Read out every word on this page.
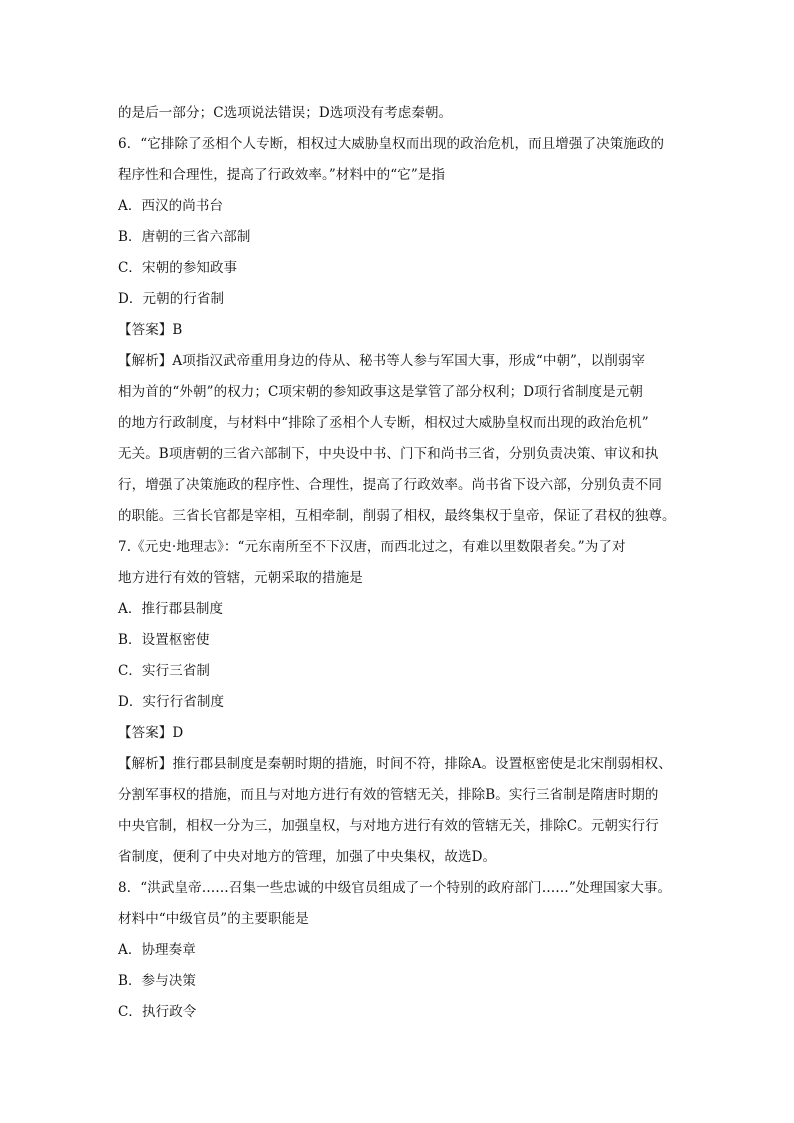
的是后一部分；C选项说法错误；D选项没有考虑秦朝。
6．“它排除了丞相个人专断，相权过大威胁皇权而出现的政治危机，而且增强了决策施政的
程序性和合理性，提高了行政效率。”材料中的“它”是指
A．西汉的尚书台
B．唐朝的三省六部制
C．宋朝的参知政事
D．元朝的行省制
【答案】B
【解析】A项指汉武帝重用身边的侍从、秘书等人参与军国大事，形成“中朝”，以削弱宰
相为首的“外朝”的权力；C项宋朝的参知政事这是掌管了部分权利；D项行省制度是元朝
的地方行政制度，与材料中“排除了丞相个人专断，相权过大威胁皇权而出现的政治危机”
无关。B项唐朝的三省六部制下，中央设中书、门下和尚书三省，分别负责决策、审议和执
行，增强了决策施政的程序性、合理性，提高了行政效率。尚书省下设六部，分别负责不同
的职能。三省长官都是宰相，互相牵制，削弱了相权，最终集权于皇帝，保证了君权的独尊。
7.《元史·地理志》：“元东南所至不下汉唐，而西北过之，有难以里数限者矣。”为了对
地方进行有效的管辖，元朝采取的措施是
A．推行郡县制度
B．设置枢密使
C．实行三省制
D．实行行省制度
【答案】D
【解析】推行郡县制度是秦朝时期的措施，时间不符，排除A。设置枢密使是北宋削弱相权、
分割军事权的措施，而且与对地方进行有效的管辖无关，排除B。实行三省制是隋唐时期的
中央官制，相权一分为三，加强皇权，与对地方进行有效的管辖无关，排除C。元朝实行行
省制度，便利了中央对地方的管理，加强了中央集权，故选D。
8．“洪武皇帝……召集一些忠诚的中级官员组成了一个特别的政府部门……”处理国家大事。
材料中“中级官员”的主要职能是
A．协理奏章
B．参与决策
C．执行政令
